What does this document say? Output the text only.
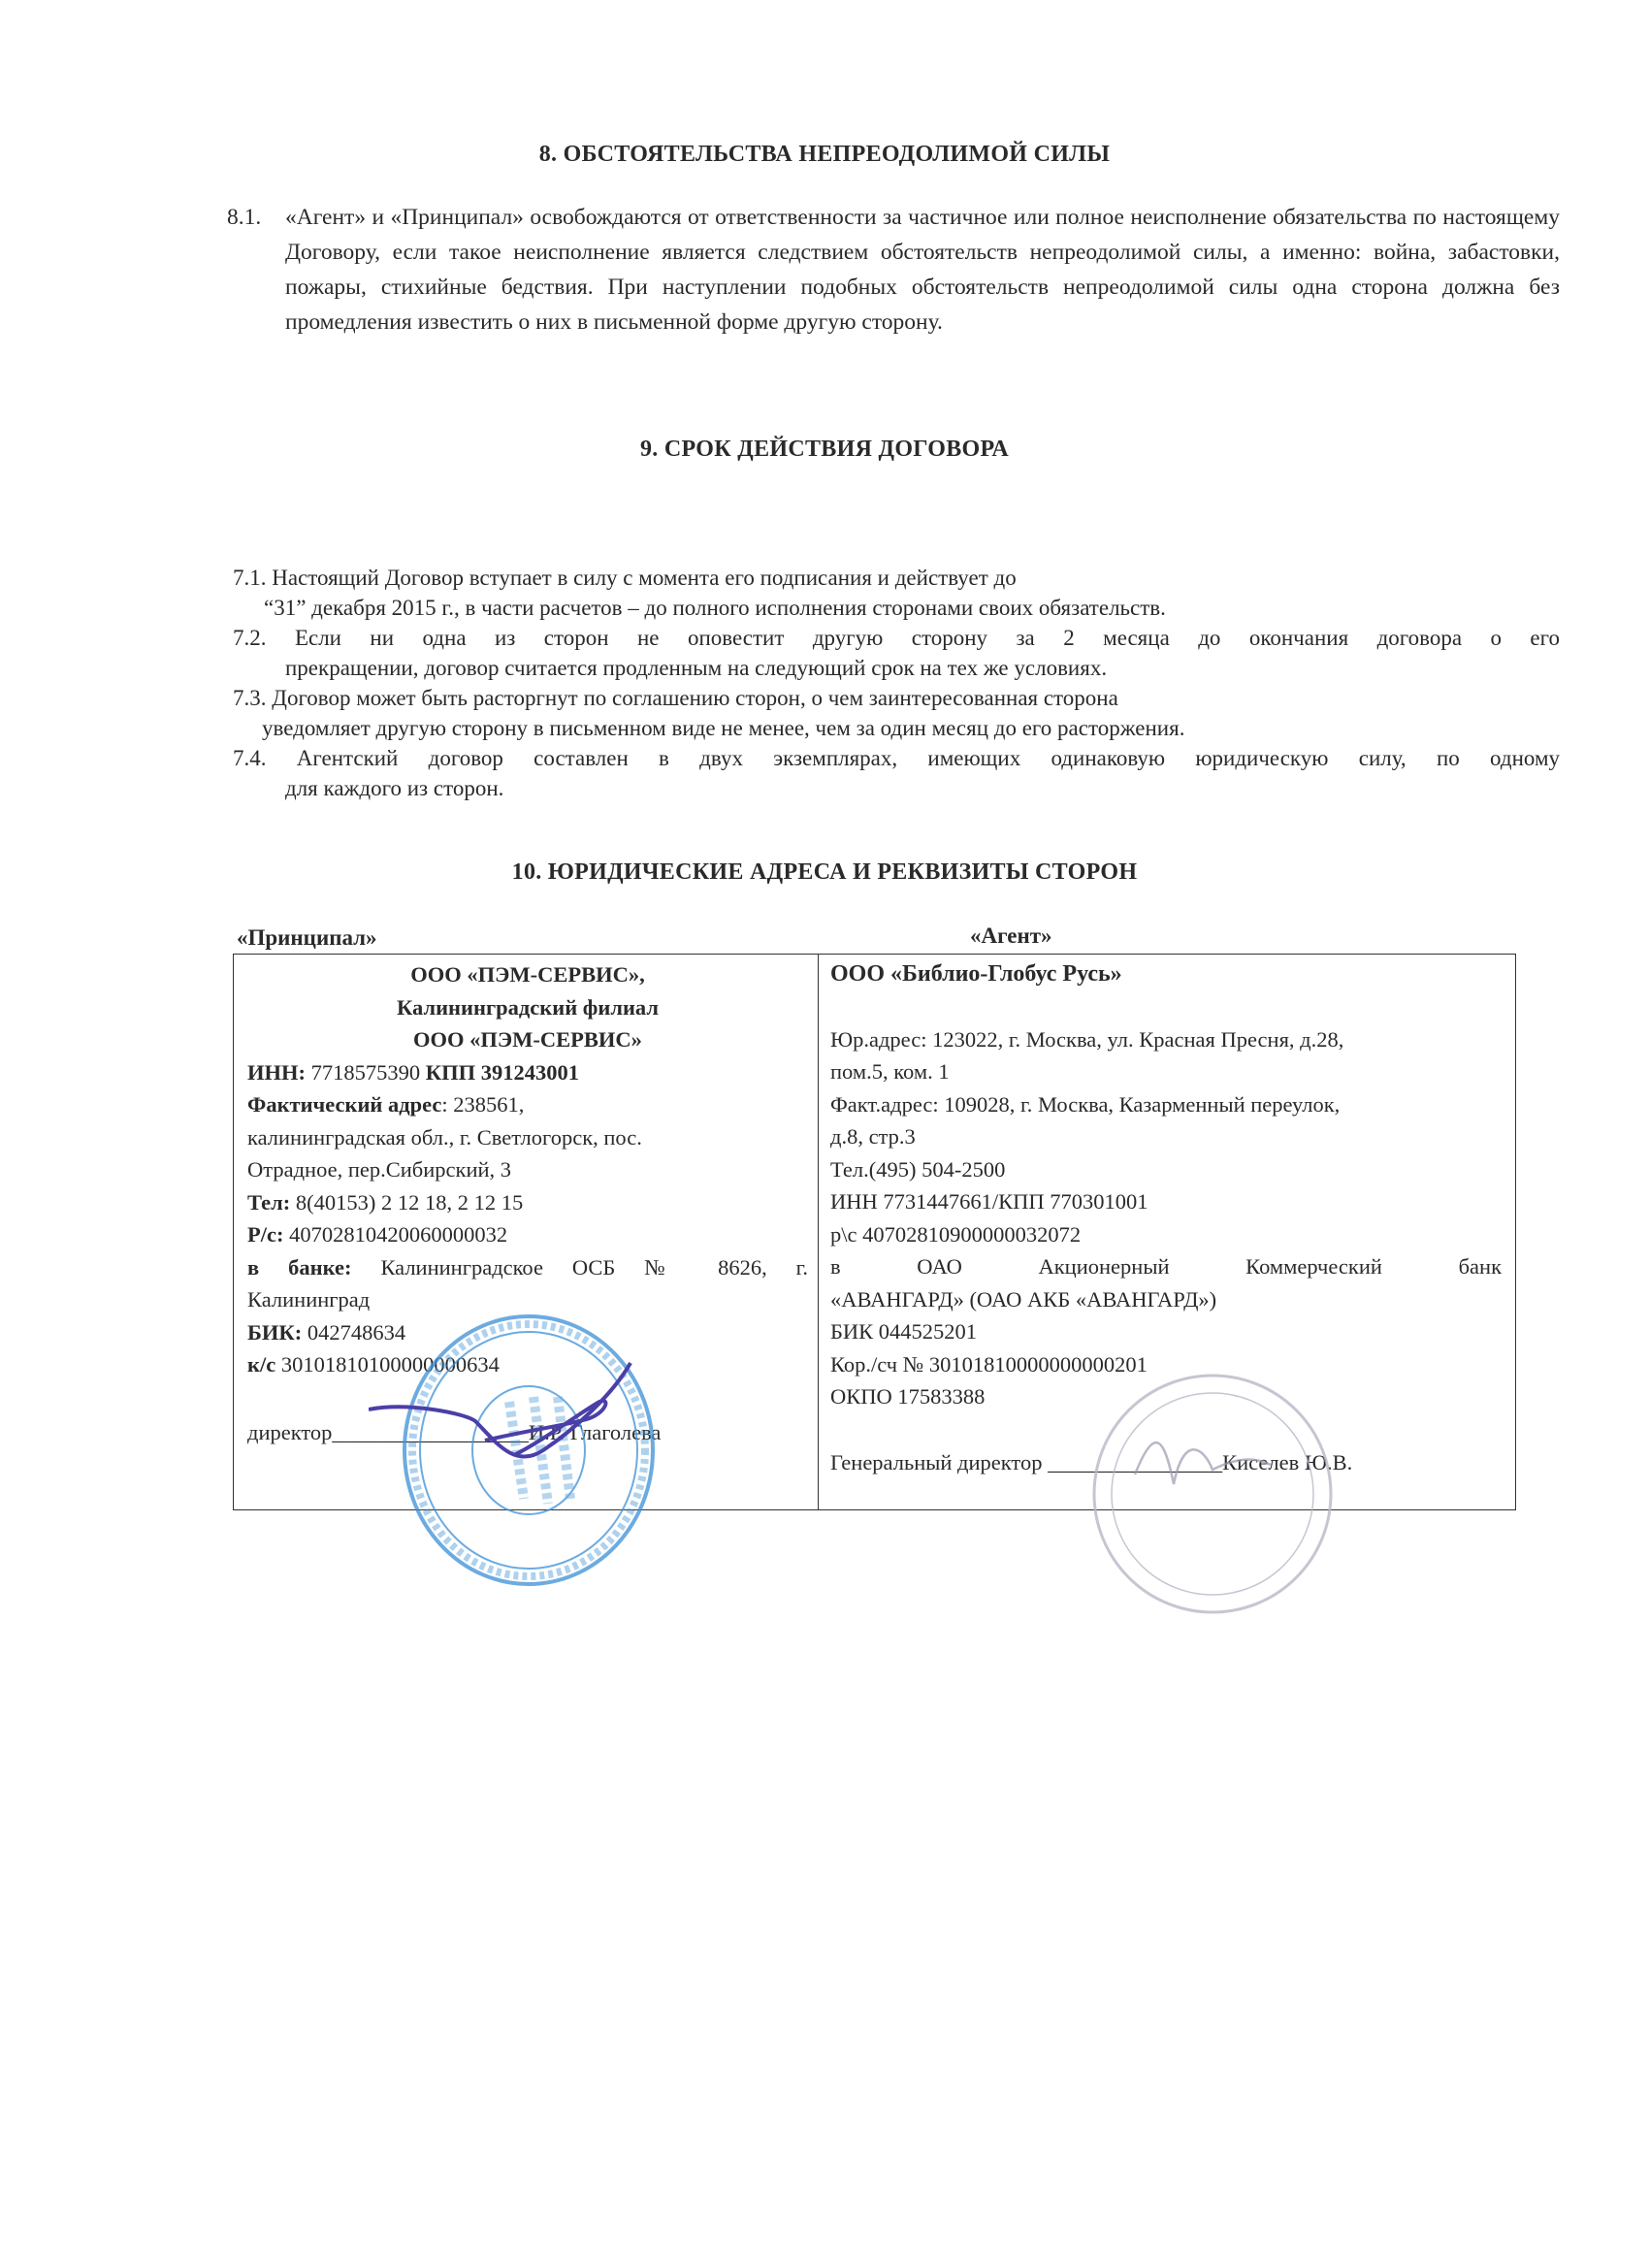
8. ОБСТОЯТЕЛЬСТВА НЕПРЕОДОЛИМОЙ СИЛЫ
8.1. «Агент» и «Принципал» освобождаются от ответственности за частичное или полное неисполнение обязательства по настоящему Договору, если такое неисполнение является следствием обстоятельств непреодолимой силы, а именно: война, забастовки, пожары, стихийные бедствия. При наступлении подобных обстоятельств непреодолимой силы одна сторона должна без промедления известить о них в письменной форме другую сторону.
9. СРОК ДЕЙСТВИЯ ДОГОВОРА
7.1. Настоящий Договор вступает в силу с момента его подписания и действует до
“31” декабря 2015 г., в части расчетов – до полного исполнения сторонами своих обязательств.
7.2. Если ни одна из сторон не оповестит другую сторону за 2 месяца до окончания договора о его
прекращении, договор считается продленным на следующий срок на тех же условиях.
7.3. Договор может быть расторгнут по соглашению сторон, о чем заинтересованная сторона
уведомляет другую сторону в письменном виде не менее, чем за один месяц до его расторжения.
7.4. Агентский договор составлен в двух экземплярах, имеющих одинаковую юридическую силу, по одному
для каждого из сторон.
10. ЮРИДИЧЕСКИЕ АДРЕСА И РЕКВИЗИТЫ СТОРОН
«Принципал»	«Агент»
ООО «ПЭМ-СЕРВИС»,
Калининградский филиал
ООО «ПЭМ-СЕРВИС»
ИНН: 7718575390 КПП 391243001
Фактический адрес: 238561,
калининградская обл., г. Светлогорск, пос.
Отрадное, пер.Сибирский, 3
Тел: 8(40153) 2 12 18, 2 12 15
Р/с: 40702810420060000032
в банке: Калининградское ОСБ № 8626, г.
Калининград
БИК: 042748634
к/с 30101810100000000634
директор__________________И.Р. Глаголева

ООО «Библио-Глобус Русь»
Юр.адрес: 123022, г. Москва, ул. Красная Пресня, д.28,
пом.5, ком. 1
Факт.адрес: 109028, г. Москва, Казарменный переулок,
д.8, стр.3
Тел.(495) 504-2500
ИНН 7731447661/КПП 770301001
р\с 40702810900000032072
в ОАО Акционерный Коммерческий банк
«АВАНГАРД» (ОАО АКБ «АВАНГАРД»)
БИК 044525201
Кор./сч № 30101810000000000201
ОКПО 17583388
Генеральный директор ________________Киселев Ю.В.
